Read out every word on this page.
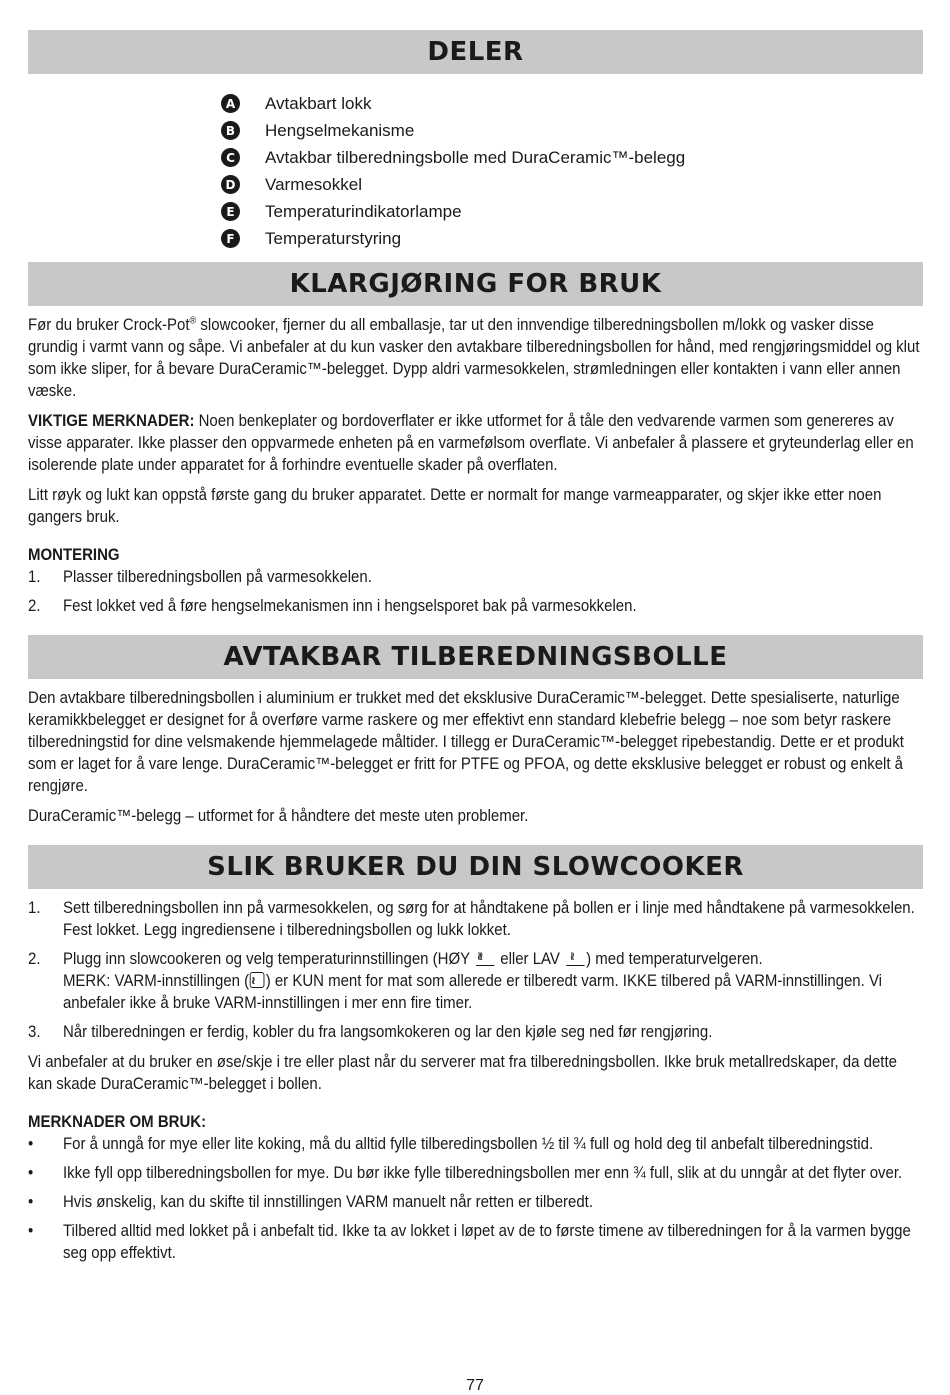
DELER
A Avtakbart lokk
B Hengselmekanisme
C Avtakbar tilberedningsbolle med DuraCeramic™-belegg
D Varmesokkel
E	Temperaturindikatorlampe
F	Temperaturstyring
KLARGJØRING FOR BRUK

Før du bruker Crock-Pot® slowcooker, fjerner du all emballasje, tar ut den innvendige tilberedningsbollen m/lokk og vasker disse grundig i varmt vann og såpe. Vi anbefaler at du kun vasker den avtakbare tilberedningsbollen for hånd, med rengjøringsmiddel og klut som ikke sliper, for å bevare DuraCeramic™-belegget. Dypp aldri varmesokkelen, strømledningen eller kontakten i vann eller annen væske.

VIKTIGE MERKNADER: Noen benkeplater og bordoverflater er ikke utformet for å tåle den vedvarende varmen som genereres av visse apparater. Ikke plasser den oppvarmede enheten på en varmefølsom overflate. Vi anbefaler å plassere et gryteunderlag eller en isolerende plate under apparatet for å forhindre eventuelle skader på overflaten.

Litt røyk og lukt kan oppstå første gang du bruker apparatet. Dette er normalt for mange varmeapparater, og skjer ikke etter noen gangers bruk.

MONTERING
1.	Plasser tilberedningsbollen på varmesokkelen.
2.	Fest lokket ved å føre hengselmekanismen inn i hengselsporet bak på varmesokkelen.
AVTAKBAR TILBEREDNINGSBOLLE

Den avtakbare tilberedningsbollen i aluminium er trukket med det eksklusive DuraCeramic™-belegget. Dette spesialiserte, naturlige keramikkbelegget er designet for å overføre varme raskere og mer effektivt enn standard klebefrie belegg – noe som betyr raskere tilberedningstid for dine velsmakende hjemmelagede måltider. I tillegg er DuraCeramic™-belegget ripebestandig. Dette er et produkt som er laget for å vare lenge. DuraCeramic™-belegget er fritt for PTFE og PFOA, og dette eksklusive belegget er robust og enkelt å rengjøre.

DuraCeramic™-belegg – utformet for å håndtere det meste uten problemer.

SLIK BRUKER DU DIN SLOWCOOKER
1.	Sett tilberedningsbollen inn på varmesokkelen, og sørg for at håndtakene på bollen er i linje med håndtakene på varmesokkelen. Fest lokket. Legg ingrediensene i tilberedningsbollen og lukk lokket.
2.	Plugg inn slowcookeren og velg temperaturinnstillingen (HØY ≀≀≀ eller LAV ≀≀) med temperaturvelgeren.
MERK: VARM-innstillingen (≀≀ ) er KUN ment for mat som allerede er tilberedt varm. IKKE tilbered på VARM-innstillingen. Vi anbefaler ikke å bruke VARM-innstillingen i mer enn fire timer.
3.	Når tilberedningen er ferdig, kobler du fra langsomkokeren og lar den kjøle seg ned før rengjøring.

Vi anbefaler at du bruker en øse/skje i tre eller plast når du serverer mat fra tilberedningsbollen. Ikke bruk metallredskaper, da dette kan skade DuraCeramic™-belegget i bollen.

MERKNADER OM BRUK:
•	For å unngå for mye eller lite koking, må du alltid fylle tilberedingsbollen ½ til ¾ full og hold deg til anbefalt tilberedningstid.
•	Ikke fyll opp tilberedningsbollen for mye. Du bør ikke fylle tilberedningsbollen mer enn ¾ full, slik at du unngår at det flyter over.
•	Hvis ønskelig, kan du skifte til innstillingen VARM manuelt når retten er tilberedt.
•	Tilbered alltid med lokket på i anbefalt tid. Ikke ta av lokket i løpet av de to første timene av tilberedningen for å la varmen bygge seg opp effektivt.
77
